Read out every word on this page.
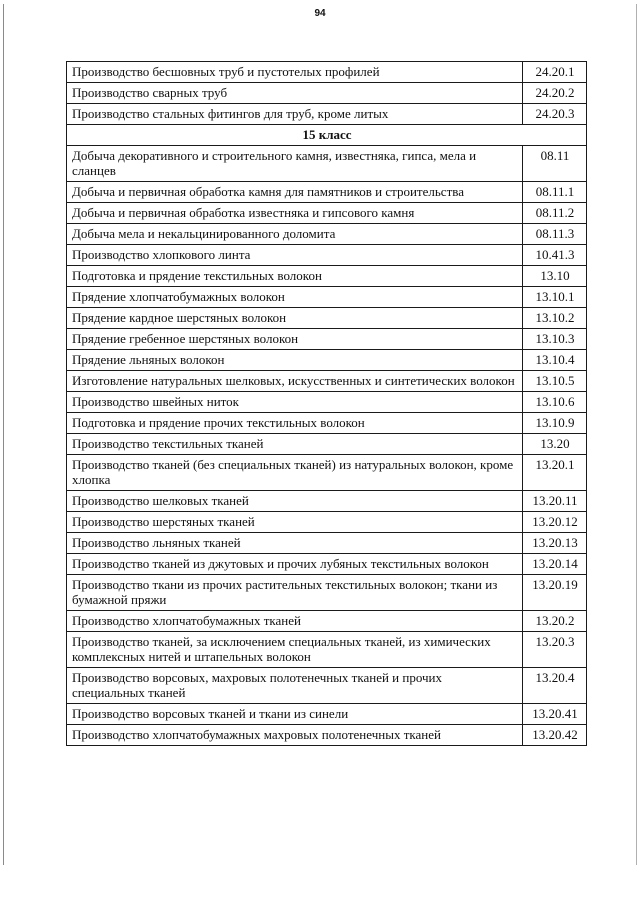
94
Производство бесшовных труб и пустотелых профилей	24.20.1
Производство сварных труб	24.20.2
Производство стальных фитингов для труб, кроме литых	24.20.3
15 класс	
Добыча декоративного и строительного камня, известняка, гипса, мела и сланцев	08.11
Добыча и первичная обработка камня для памятников и строительства	08.11.1
Добыча и первичная обработка известняка и гипсового камня	08.11.2
Добыча мела и некальцинированного доломита	08.11.3
Производство хлопкового линта	10.41.3
Подготовка и прядение текстильных волокон	13.10
Прядение хлопчатобумажных волокон	13.10.1
Прядение кардное шерстяных волокон	13.10.2
Прядение гребенное шерстяных волокон	13.10.3
Прядение льняных волокон	13.10.4
Изготовление натуральных шелковых, искусственных и синтетических волокон	13.10.5
Производство швейных ниток	13.10.6
Подготовка и прядение прочих текстильных волокон	13.10.9
Производство текстильных тканей	13.20
Производство тканей (без специальных тканей) из натуральных волокон, кроме хлопка	13.20.1
Производство шелковых тканей	13.20.11
Производство шерстяных тканей	13.20.12
Производство льняных тканей	13.20.13
Производство тканей из джутовых и прочих лубяных текстильных волокон	13.20.14
Производство ткани из прочих растительных текстильных волокон; ткани из бумажной пряжи	13.20.19
Производство хлопчатобумажных тканей	13.20.2
Производство тканей, за исключением специальных тканей, из химических комплексных нитей и штапельных волокон	13.20.3
Производство ворсовых, махровых полотенечных тканей и прочих специальных тканей	13.20.4
Производство ворсовых тканей и ткани из синели	13.20.41
Производство хлопчатобумажных махровых полотенечных тканей	13.20.42
